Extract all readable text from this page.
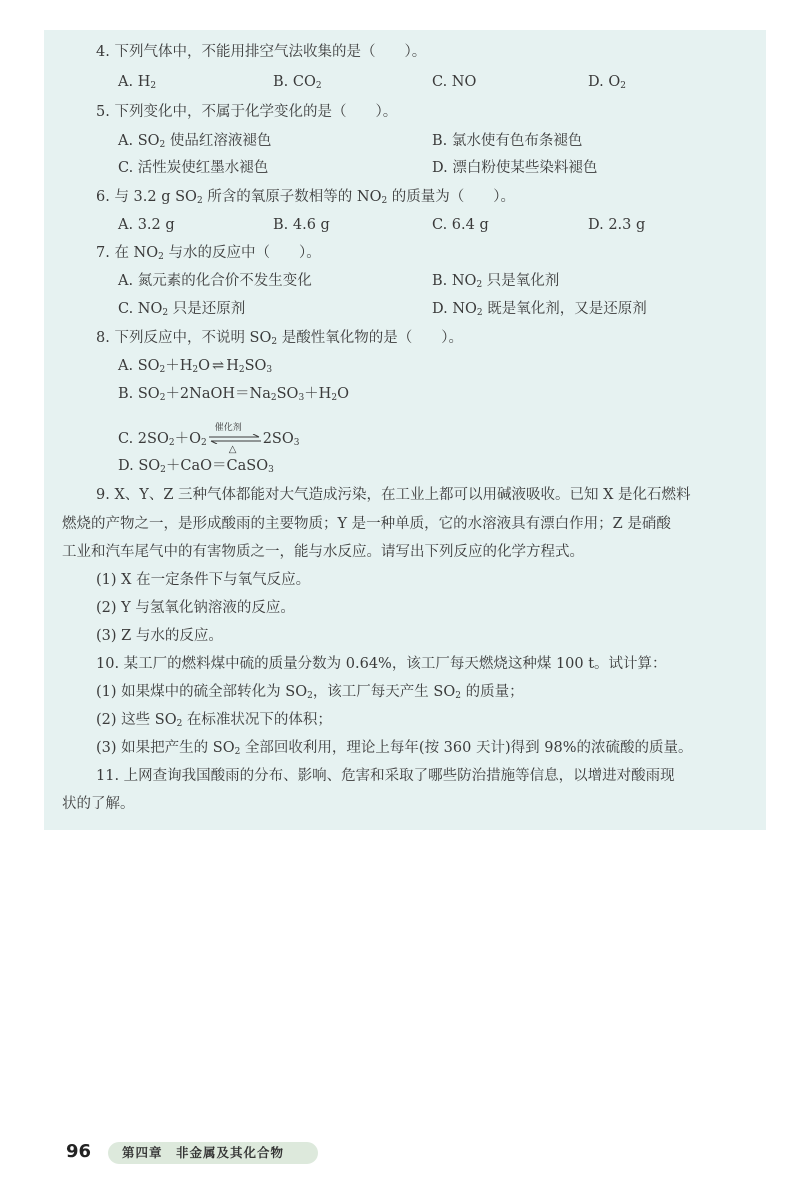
4. 下列气体中，不能用排空气法收集的是（　　）。
A. $H_2$	B. $CO_2$	C. NO	D. $O_2$
5. 下列变化中，不属于化学变化的是（　　）。
A. $SO_2$ 使品红溶液褪色	B. 氯水使有色布条褪色
C. 活性炭使红墨水褪色	D. 漂白粉使某些染料褪色
6. 与 3.2 g $SO_2$ 所含的氧原子数相等的 $NO_2$ 的质量为（　　）。
A. 3.2 g	B. 4.6 g	C. 6.4 g	D. 2.3 g
7. 在 $NO_2$ 与水的反应中（　　）。
A. 氮元素的化合价不发生变化	B. $NO_2$ 只是氧化剂
C. $NO_2$ 只是还原剂	D. $NO_2$ 既是氧化剂，又是还原剂
8. 下列反应中，不说明 $SO_2$ 是酸性氧化物的是（　　）。
A. $SO_2+H_2O$ ⇌ $H_2SO_3$
B. $SO_2+2NaOH=Na_2SO_3+H_2O$
C. $2SO_2+O_2$
催化剂
△
$2SO_3$
D. $SO_2+CaO=CaSO_3$
9. X、Y、Z 三种气体都能对大气造成污染，在工业上都可以用碱液吸收。已知 X 是化石燃料
燃烧的产物之一，是形成酸雨的主要物质；Y 是一种单质，它的水溶液具有漂白作用；Z 是硝酸
工业和汽车尾气中的有害物质之一，能与水反应。请写出下列反应的化学方程式。
(1) X 在一定条件下与氧气反应。
(2) Y 与氢氧化钠溶液的反应。
(3) Z 与水的反应。
10. 某工厂的燃料煤中硫的质量分数为 0.64%，该工厂每天燃烧这种煤 100 t。试计算：
(1) 如果煤中的硫全部转化为 $SO_2$，该工厂每天产生 $SO_2$ 的质量；
(2) 这些 $SO_2$ 在标准状况下的体积；
(3) 如果把产生的 $SO_2$ 全部回收利用，理论上每年(按 360 天计)得到 98%的浓硫酸的质量。
11. 上网查询我国酸雨的分布、影响、危害和采取了哪些防治措施等信息，以增进对酸雨现
状的了解。
96	第四章　非金属及其化合物
